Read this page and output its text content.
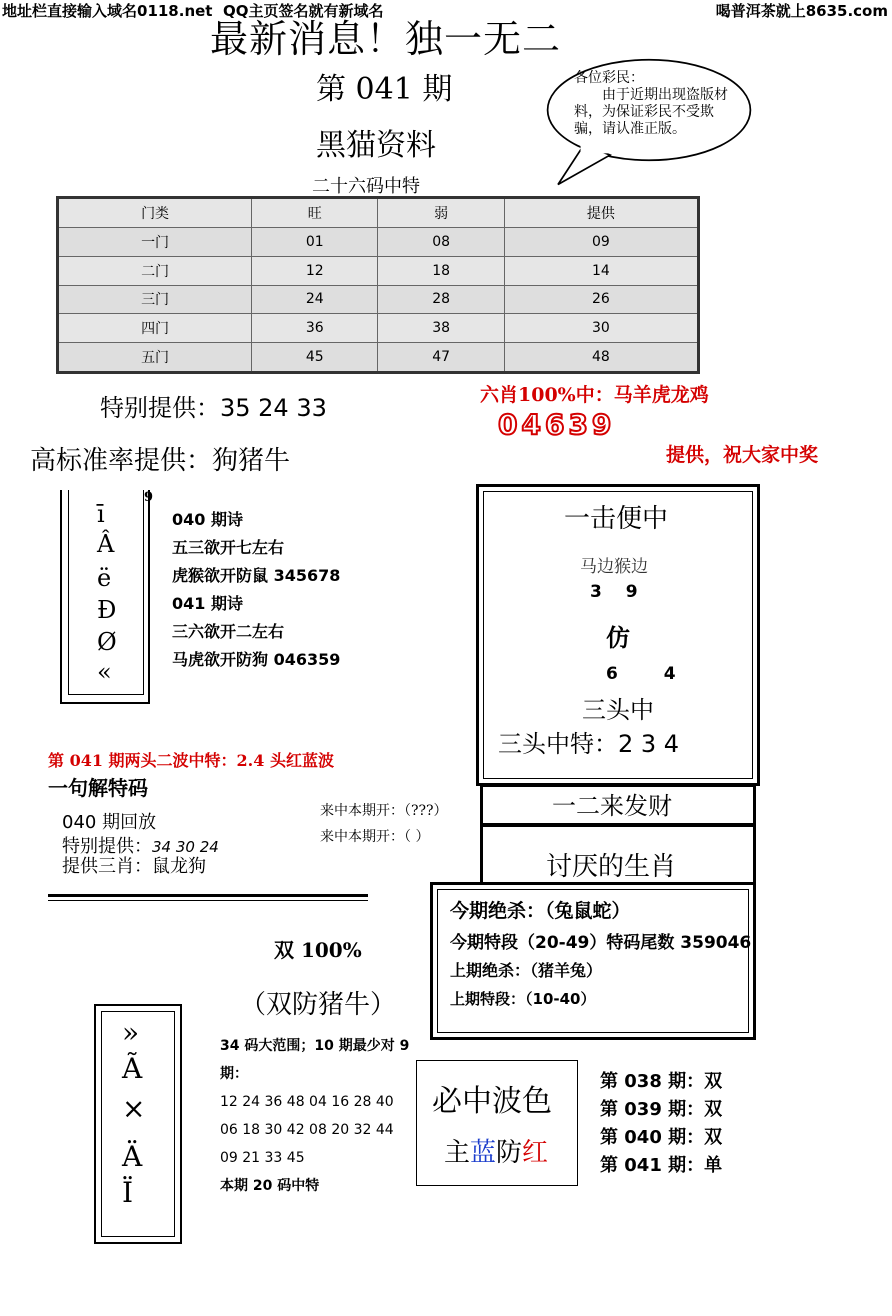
地址栏直接输入域名0118.net QQ主页签名就有新域名	喝普洱茶就上8635.com
最新消息！独一无二
第 041 期
黑猫资料
各位彩民：
由于近期出现盗版材料，为保证彩民不受欺骗，请认准正版。
二十六码中特
门类	旺	弱	提供
一门	01	08	09
二门	12	18	14
三门	24	28	26
四门	36	38	30
五门	45	47	48
特别提供：35 24 33
高标准率提供：狗猪牛
六肖100%中：马羊虎龙鸡
04639
提供，祝大家中奖
ī
Â
ë
Ð
Ø
«
9
040 期诗
五三欲开七左右
虎猴欲开防鼠 345678
041 期诗
三六欲开二左右
马虎欲开防狗 046359
一击便中
马边猴边
3 9
仿
6 4
三头中
三头中特：2 3 4
一二来发财
讨厌的生肖
第 041 期两头二波中特：2.4 头红蓝波
一句解特码
040 期回放
特别提供：34 30 24
提供三肖：鼠龙狗
来中本期开：（???）
来中本期开：（ ）
今期绝杀：（兔鼠蛇）
今期特段（20-49）特码尾数 359046
上期绝杀：（猪羊兔）
上期特段：（10-40）
双 100%
（双防猪牛）
»
Ã
×
Ä
Ï
34 码大范围；10 期最少对 9 期：
12 24 36 48 04 16 28 40 06 18 30 42 08 20 32 44 09 21 33 45
本期 20 码中特
必中波色
主蓝防红
第 038 期：双
第 039 期：双
第 040 期：双
第 041 期：单
